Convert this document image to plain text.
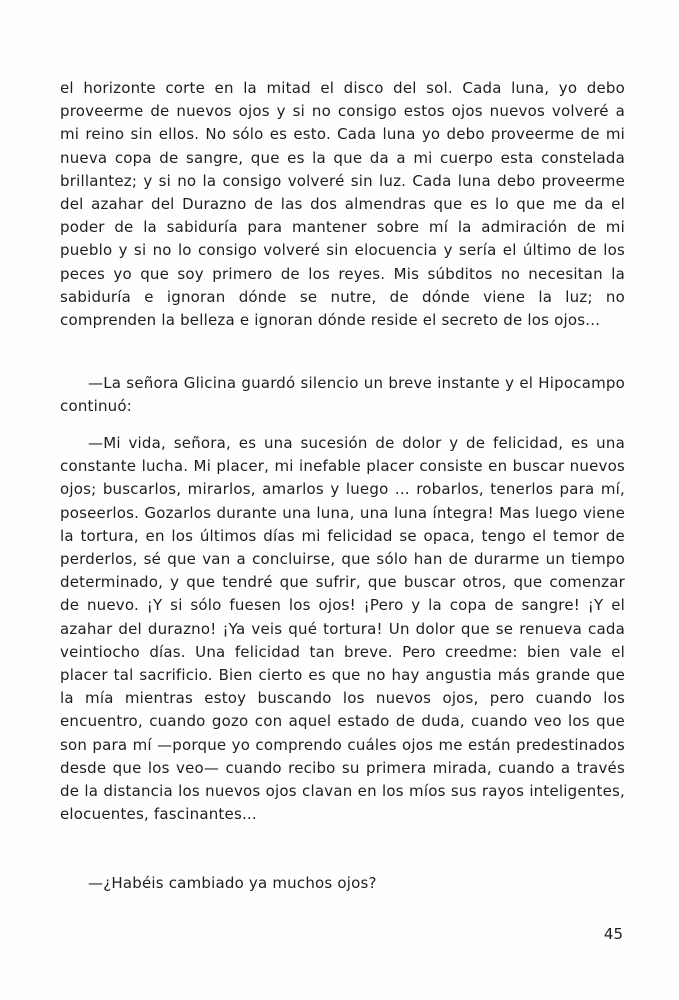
el horizonte corte en la mitad el disco del sol. Cada luna, yo debo proveerme de nuevos ojos y si no consigo estos ojos nuevos volveré a mi reino sin ellos. No sólo es esto. Cada luna yo debo proveerme de mi nueva copa de sangre, que es la que da a mi cuerpo esta constelada brillantez; y si no la consigo volveré sin luz. Cada luna debo proveerme del azahar del Durazno de las dos almendras que es lo que me da el poder de la sabiduría para mantener sobre mí la admiración de mi pueblo y si no lo consigo volveré sin elocuencia y sería el último de los peces yo que soy primero de los reyes. Mis súbditos no necesitan la sabiduría e ignoran dónde se nutre, de dónde viene la luz; no comprenden la belleza e ignoran dónde reside el secreto de los ojos...

—La señora Glicina guardó silencio un breve instante y el Hipocampo continuó:

—Mi vida, señora, es una sucesión de dolor y de felicidad, es una constante lucha. Mi placer, mi inefable placer consiste en buscar nuevos ojos; buscarlos, mirarlos, amarlos y luego ... robarlos, tenerlos para mí, poseerlos. Gozarlos durante una luna, una luna íntegra! Mas luego viene la tortura, en los últimos días mi felicidad se opaca, tengo el temor de perderlos, sé que van a concluirse, que sólo han de durarme un tiempo determinado, y que tendré que sufrir, que buscar otros, que comenzar de nuevo. ¡Y si sólo fuesen los ojos! ¡Pero y la copa de sangre! ¡Y el azahar del durazno! ¡Ya veis qué tortura! Un dolor que se renueva cada veintiocho días. Una felicidad tan breve. Pero creedme: bien vale el placer tal sacrificio. Bien cierto es que no hay angustia más grande que la mía mientras estoy buscando los nuevos ojos, pero cuando los encuentro, cuando gozo con aquel estado de duda, cuando veo los que son para mí —porque yo comprendo cuáles ojos me están predestinados desde que los veo— cuando recibo su primera mirada, cuando a través de la distancia los nuevos ojos clavan en los míos sus rayos inteligentes, elocuentes, fascinantes...

—¿Habéis cambiado ya muchos ojos?

45
